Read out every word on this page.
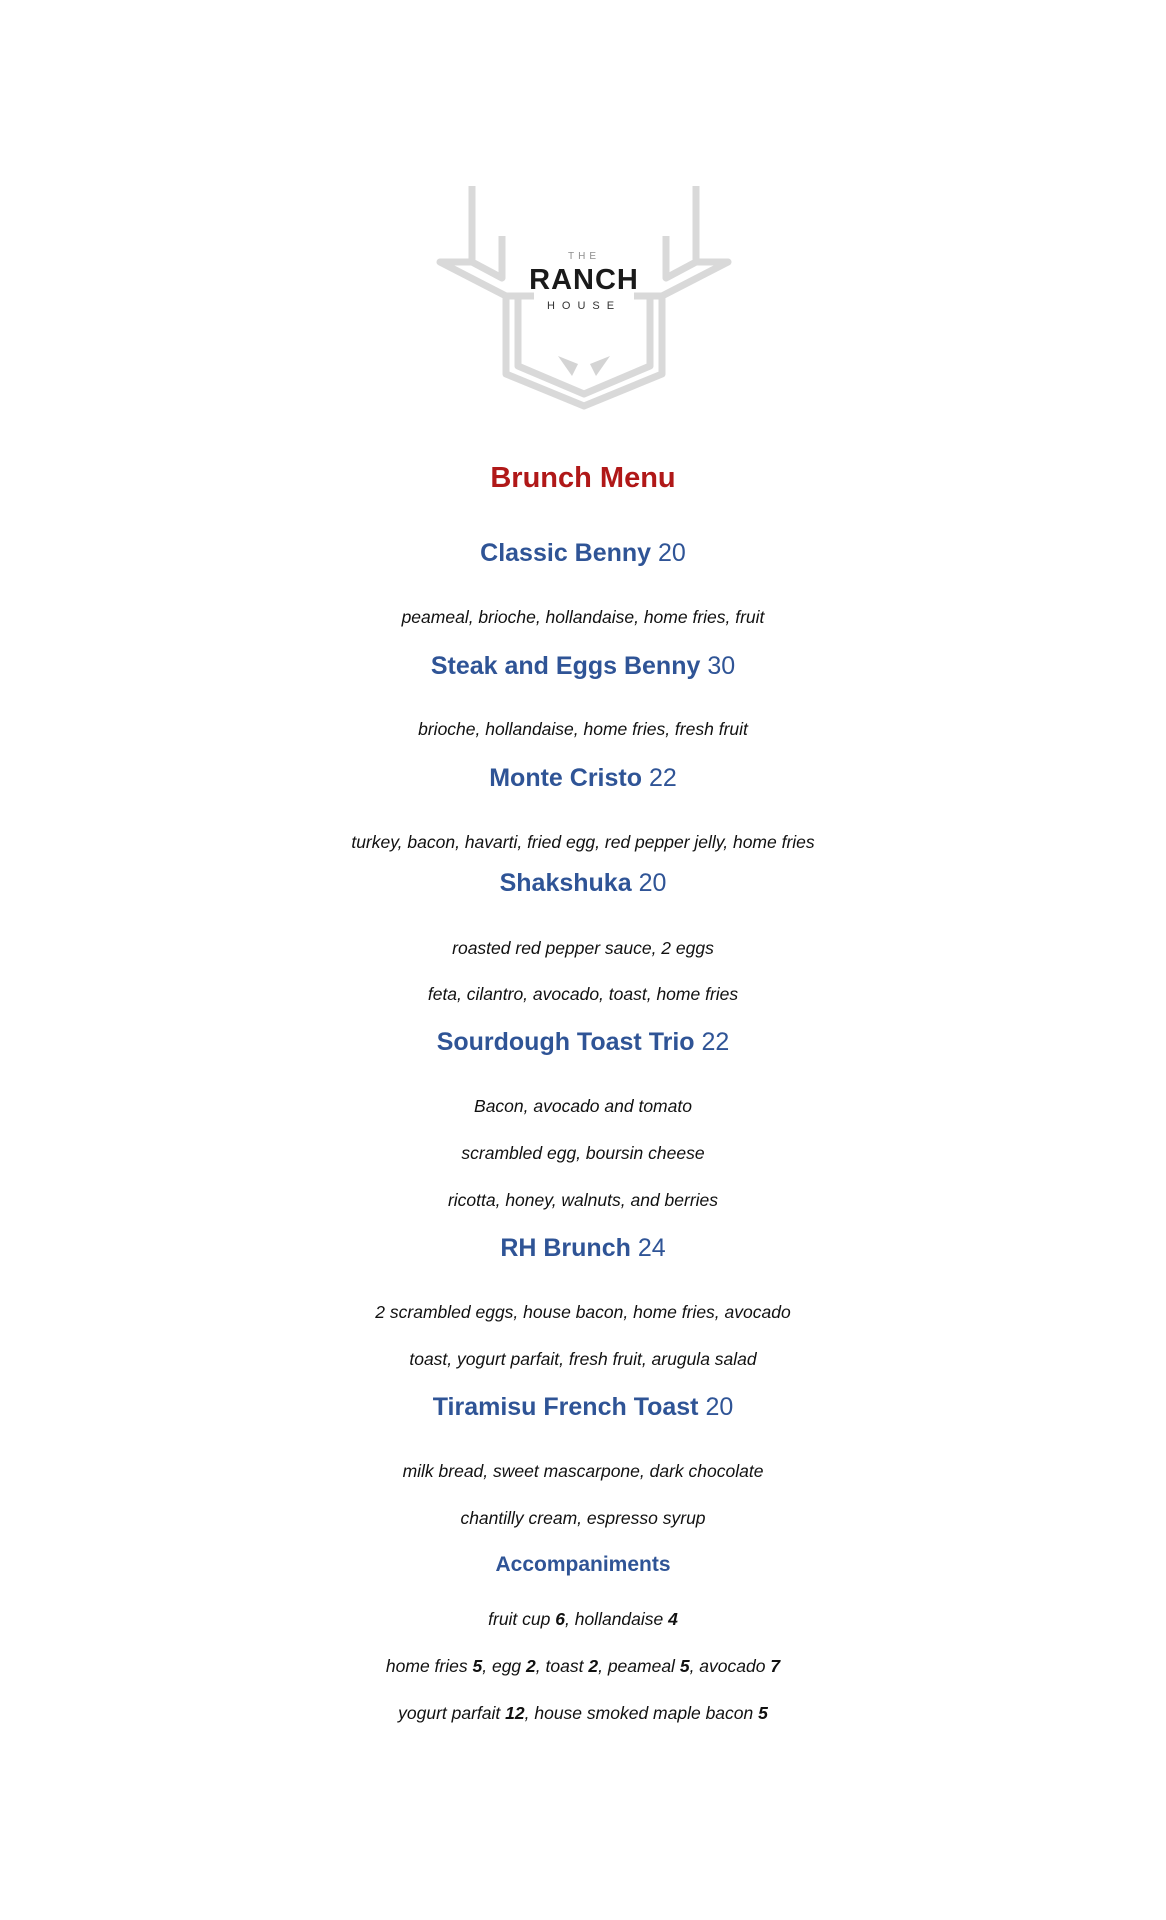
THE
RANCH
HOUSE
Brunch Menu
Classic Benny 20
peameal, brioche, hollandaise, home fries, fruit
Steak and Eggs Benny 30
brioche, hollandaise, home fries, fresh fruit
Monte Cristo 22
turkey, bacon, havarti, fried egg, red pepper jelly, home fries
Shakshuka 20
roasted red pepper sauce, 2 eggs
feta, cilantro, avocado, toast, home fries
Sourdough Toast Trio 22
Bacon, avocado and tomato
scrambled egg, boursin cheese
ricotta, honey, walnuts, and berries
RH Brunch 24
2 scrambled eggs, house bacon, home fries, avocado
toast, yogurt parfait, fresh fruit, arugula salad
Tiramisu French Toast 20
milk bread, sweet mascarpone, dark chocolate
chantilly cream, espresso syrup
Accompaniments
fruit cup 6, hollandaise 4
home fries 5, egg 2, toast 2, peameal 5, avocado 7
yogurt parfait 12, house smoked maple bacon 5
